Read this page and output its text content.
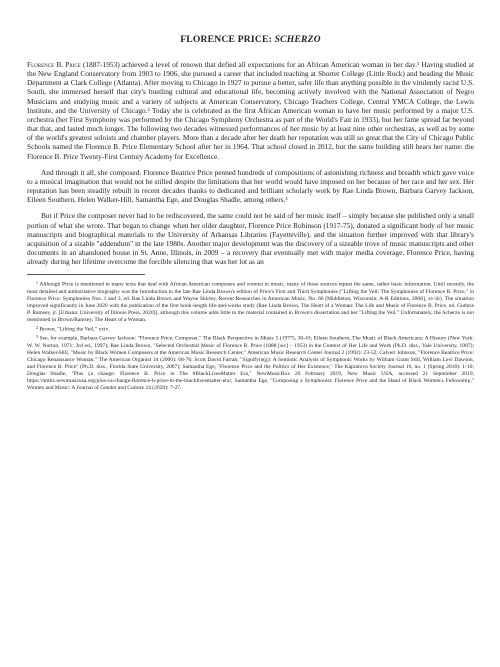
FLORENCE PRICE: SCHERZO

Florence B. Price (1887-1953) achieved a level of renown that defied all expectations for an African American woman in her day.¹ Having studied at the New England Conservatory from 1903 to 1906, she pursued a career that included teaching at Shorter College (Little Rock) and heading the Music Department at Clark College (Atlanta). After moving to Chicago in 1927 to pursue a better, safer life than anything possible in the virulently racist U.S. South, she immersed herself that city's bustling cultural and educational life, becoming actively involved with the National Association of Negro Musicians and studying music and a variety of subjects at American Conservatory, Chicago Teachers College, Central YMCA College, the Lewis Institute, and the University of Chicago.² Today she is celebrated as the first African American woman to have her music performed by a major U.S. orchestra (her First Symphony was performed by the Chicago Symphony Orchestra as part of the World's Fair in 1933), but her fame spread far beyond that that, and lasted much longer. The following two decades witnessed performances of her music by at least nine other orchestras, as well as by some of the world's greatest soloists and chamber players. More than a decade after her death her reputation was still so great that the City of Chicago Public Schools named the Florence B. Price Elementary School after her in 1964. That school closed in 2012, but the same building still bears her name: the Florence B. Price Twenty-First Century Academy for Excellence.

And through it all, she composed. Florence Beatrice Price penned hundreds of compositions of astonishing richness and breadth which gave voice to a musical imagination that would not be stilled despite the limitations that her world would have imposed on her because of her race and her sex. Her reputation has been steadily rebuilt in recent decades thanks to dedicated and brilliant scholarly work by Rae Linda Brown, Barbara Garvey Jackson, Eileen Southern, Helen Walker-Hill, Samantha Ege, and Douglas Shadle, among others.³

But if Price the composer never had to be rediscovered, the same could not be said of her music itself – simply because she published only a small portion of what she wrote. That began to change when her older daughter, Florence Price Robinson (1917-75), donated a significant body of her music manuscripts and biographical materials to the University of Arkansas Libraries (Fayetteville), and the situation further improved with that library's acquisition of a sizable "addendum" in the late 1980s. Another major development was the discovery of a sizeable trove of music manuscripts and other documents in an abandoned house in St. Anne, Illinois, in 2009 – a recovery that eventually met with major media coverage. Florence Price, having already during her lifetime overcome the forcible silencing that was her lot as an

$^1$ Although Price is mentioned in many texts that deal with African American composers and women in music, many of these sources repeat the same, rather basic information. Until recently, the most detailed and authoritative biography was the Introduction to the late Rae Linda Brown's edition of Price's First and Third Symphonies ("Lifting the Veil: The Symphonies of Florence B. Price," in Florence Price: Symphonies Nos. 1 and 3, ed. Rae Linda Brown and Wayne Shirley, Recent Researches in American Music, No. 66 [Middleton, Wisconsin: A-R Editions, 2008], xv-lii). The situation improved significantly in June 2020 with the publication of the first book-length life-and-works study (Rae Linda Brown, The Heart of a Woman: The Life and Music of Florence B. Price, ed. Guthrie P. Ramsey, jr. [Urbana: University of Illinois Press, 2020]), although this volume adds little to the material contained in Brown's dissertation and her "Lifting the Veil." Unfortunately, the Scherzo is not mentioned in Brown/Ramsey, The Heart of a Woman.

$^2$ Brown, "Lifting the Veil," xxiv.

$^3$ See, for example, Barbara Garvey Jackson: "Florence Price, Composer," The Black Perspective in Music 5 (1977), 30-43; Eileen Southern, The Music of Black Americans: A History (New York: W. W. Norton, 1971; 3rd ed., 1997); Rae Linda Brown, "Selected Orchestral Music of Florence B. Price (1888 [sic] – 1953) in the Context of Her Life and Work (Ph.D. diss., Yale University, 1987); Helen Walker-Hill, "Music by Black Women Composers at the American Music Research Center," American Music Research Center Journal 2 (1992): 23-52; Calvert Johnson, "Florence Beatrice Price: Chicago Renaissance Woman," The American Organist 34 (2000): 68-76; Scott David Farrah, "Signifyin(g): A Semiotic Analysis of Symphonic Works by William Grant Still, William Levi Dawson, and Florence B. Price" (Ph.D. diss., Florida State University, 2007); Samantha Ege, "Florence Price and the Politics of Her Existence," The Kapralova Society Journal 16, no. 1 (Spring 2018): 1-10; Douglas Shadle, "Plus ça change: Florence B. Price in The #BlackLivesMatter Era," NewMusicBox 20 February 2019, New Music USA, accessed 21 September 2019, https://nmbx.newmusicusa.org/plus-ca-change-florence-b-price-in-the-blacklivesmatter-era/; Samantha Ege, "Composing a Symphonist: Florence Price and the Hand of Black Women's Fellowship," Women and Music: A Journal of Gender and Culture 24 (2020): 7-27.
